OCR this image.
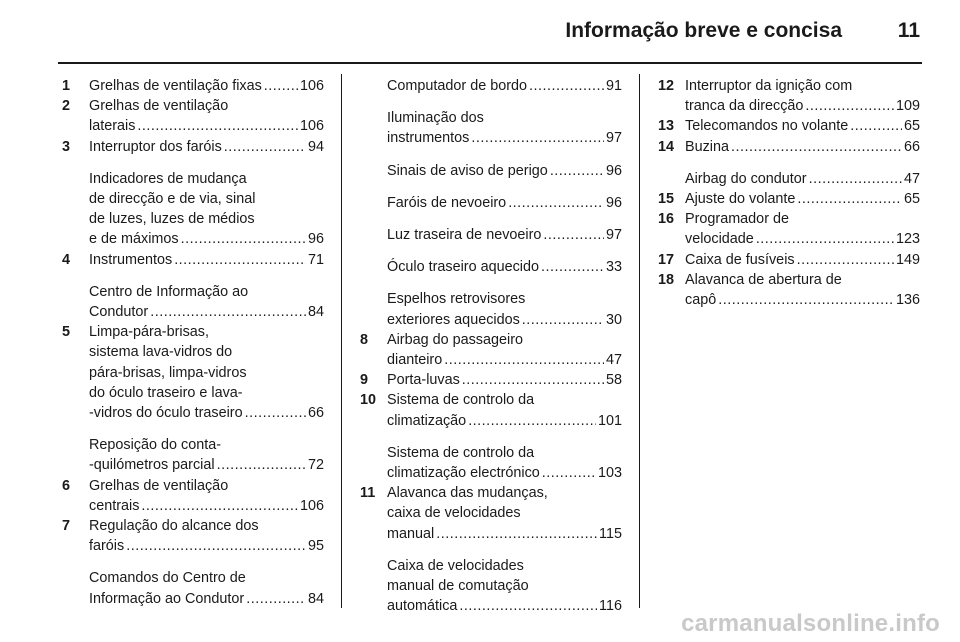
Informação breve e concisa	11
1	Grelhas de ventilação fixas .....	106
2	Grelhas de ventilação
laterais .....	106
3	Interruptor dos faróis .....	94
Indicadores de mudança
de direcção e de via, sinal
de luzes, luzes de médios
e de máximos .....	96
4	Instrumentos .....	71
Centro de Informação ao
Condutor .....	84
5	Limpa-pára-brisas,
sistema lava-vidros do
pára-brisas, limpa-vidros
do óculo traseiro e lava-
-vidros do óculo traseiro .....	66
Reposição do conta-
-quilómetros parcial .....	72
6	Grelhas de ventilação
centrais .....	106
7	Regulação do alcance dos
faróis .....	95
Comandos do Centro de
Informação ao Condutor .....	84
Computador de bordo .....	91
Iluminação dos
instrumentos .....	97
Sinais de aviso de perigo .....	96
Faróis de nevoeiro .....	96
Luz traseira de nevoeiro .....	97
Óculo traseiro aquecido .....	33
Espelhos retrovisores
exteriores aquecidos .....	30
8	Airbag do passageiro
dianteiro .....	47
9	Porta-luvas .....	58
10 Sistema de controlo da
climatização .....	101
Sistema de controlo da
climatização electrónico .....	103
11 Alavanca das mudanças,
caixa de velocidades
manual .....	115
Caixa de velocidades
manual de comutação
automática .....	116
12 Interruptor da ignição com
tranca da direcção .....	109
13 Telecomandos no volante .....	65
14 Buzina .....	66
Airbag do condutor .....	47
15 Ajuste do volante .....	65
16 Programador de
velocidade .....	123
17 Caixa de fusíveis .....	149
18 Alavanca de abertura de
capô .....	136
carmanualsonline.info
